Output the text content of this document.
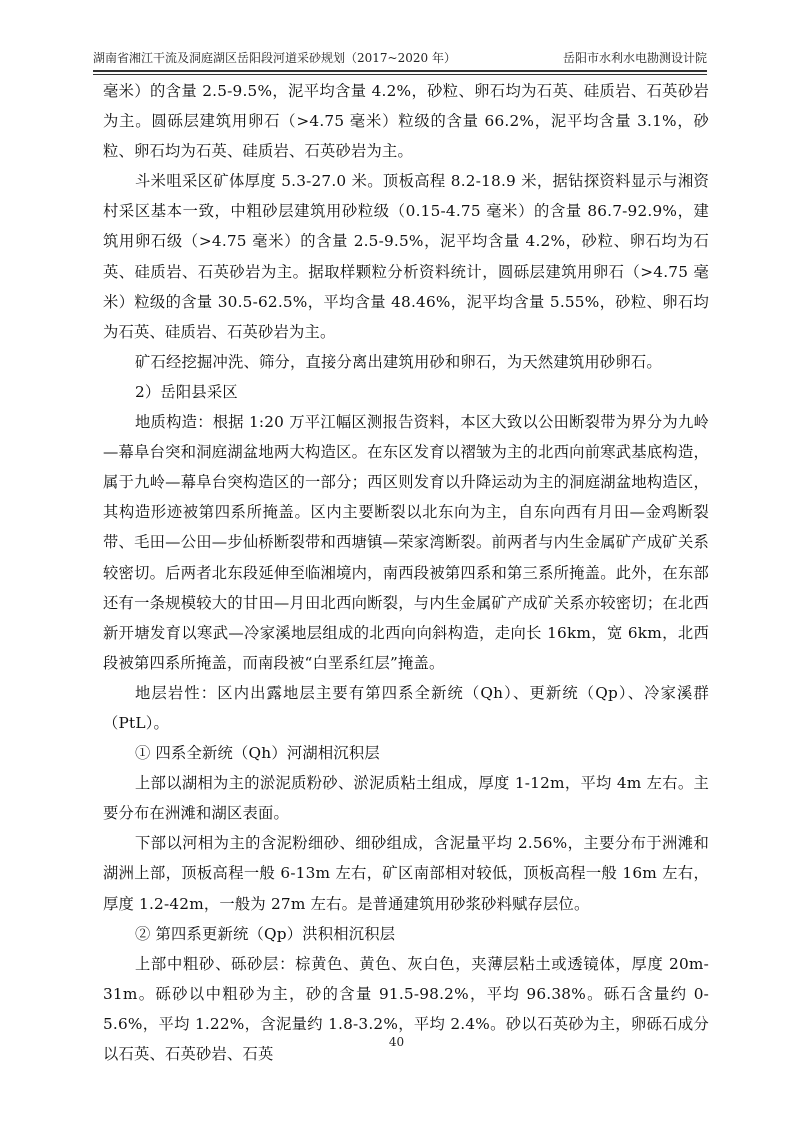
湖南省湘江干流及洞庭湖区岳阳段河道采砂规划（2017~2020 年）	岳阳市水利水电勘测设计院

毫米）的含量 2.5-9.5%，泥平均含量 4.2%，砂粒、卵石均为石英、硅质岩、石英砂岩为主。圆砾层建筑用卵石（>4.75 毫米）粒级的含量 66.2%，泥平均含量 3.1%，砂粒、卵石均为石英、硅质岩、石英砂岩为主。

斗米咀采区矿体厚度 5.3-27.0 米。顶板高程 8.2-18.9 米，据钻探资料显示与湘资村采区基本一致，中粗砂层建筑用砂粒级（0.15-4.75 毫米）的含量 86.7-92.9%，建筑用卵石级（>4.75 毫米）的含量 2.5-9.5%，泥平均含量 4.2%，砂粒、卵石均为石英、硅质岩、石英砂岩为主。据取样颗粒分析资料统计，圆砾层建筑用卵石（>4.75 毫米）粒级的含量 30.5-62.5%，平均含量 48.46%，泥平均含量 5.55%，砂粒、卵石均为石英、硅质岩、石英砂岩为主。

矿石经挖掘冲洗、筛分，直接分离出建筑用砂和卵石，为天然建筑用砂卵石。

2）岳阳县采区

地质构造：根据 1:20 万平江幅区测报告资料，本区大致以公田断裂带为界分为九岭—幕阜台突和洞庭湖盆地两大构造区。在东区发育以褶皱为主的北西向前寒武基底构造，属于九岭—幕阜台突构造区的一部分；西区则发育以升降运动为主的洞庭湖盆地构造区，其构造形迹被第四系所掩盖。区内主要断裂以北东向为主，自东向西有月田—金鸡断裂带、毛田—公田—步仙桥断裂带和西塘镇—荣家湾断裂。前两者与内生金属矿产成矿关系较密切。后两者北东段延伸至临湘境内，南西段被第四系和第三系所掩盖。此外，在东部还有一条规模较大的甘田—月田北西向断裂，与内生金属矿产成矿关系亦较密切；在北西新开塘发育以寒武—冷家溪地层组成的北西向向斜构造，走向长 16km，宽 6km，北西段被第四系所掩盖，而南段被“白垩系红层”掩盖。

地层岩性：区内出露地层主要有第四系全新统（Qh）、更新统（Qp）、冷家溪群（PtL）。

① 四系全新统（Qh）河湖相沉积层

上部以湖相为主的淤泥质粉砂、淤泥质粘土组成，厚度 1-12m，平均 4m 左右。主要分布在洲滩和湖区表面。

下部以河相为主的含泥粉细砂、细砂组成，含泥量平均 2.56%，主要分布于洲滩和湖洲上部，顶板高程一般 6-13m 左右，矿区南部相对较低，顶板高程一般 16m 左右，厚度 1.2-42m，一般为 27m 左右。是普通建筑用砂浆砂料赋存层位。

② 第四系更新统（Qp）洪积相沉积层

上部中粗砂、砾砂层：棕黄色、黄色、灰白色，夹薄层粘土或透镜体，厚度 20m-31m。砾砂以中粗砂为主，砂的含量 91.5-98.2%，平均 96.38%。砾石含量约 0-5.6%，平均 1.22%，含泥量约 1.8-3.2%，平均 2.4%。砂以石英砂为主，卵砾石成分以石英、石英砂岩、石英

40
